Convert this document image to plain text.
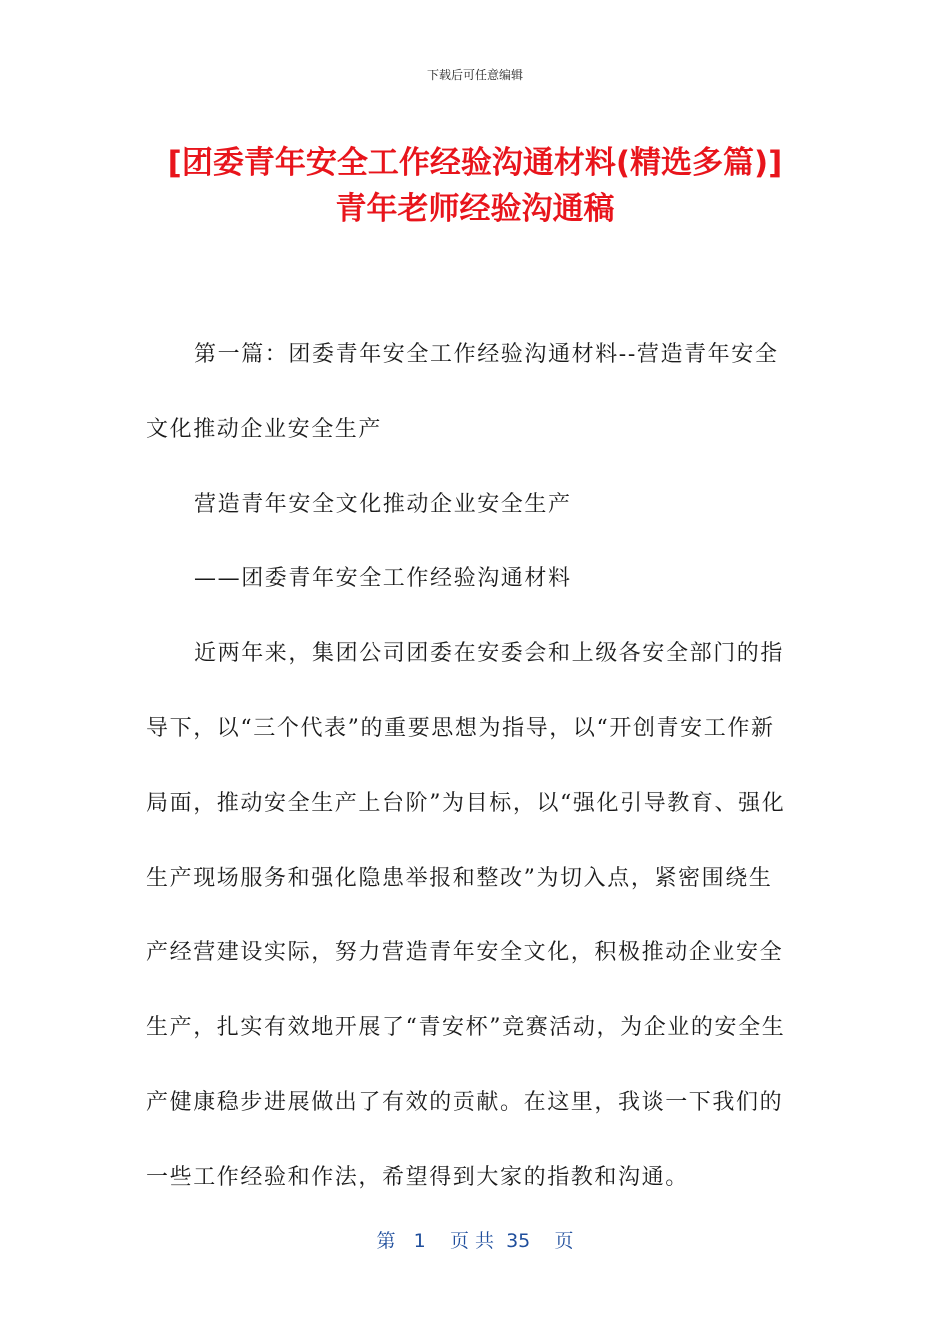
下载后可任意编辑
[团委青年安全工作经验沟通材料(精选多篇)]
青年老师经验沟通稿

第一篇：团委青年安全工作经验沟通材料--营造青年安全文化推动企业安全生产

营造青年安全文化推动企业安全生产

——团委青年安全工作经验沟通材料

近两年来，集团公司团委在安委会和上级各安全部门的指导下，以“三个代表”的重要思想为指导，以“开创青安工作新局面，推动安全生产上台阶”为目标，以“强化引导教育、强化生产现场服务和强化隐患举报和整改”为切入点，紧密围绕生产经营建设实际，努力营造青年安全文化，积极推动企业安全生产，扎实有效地开展了“青安杯”竞赛活动，为企业的安全生产健康稳步进展做出了有效的贡献。在这里，我谈一下我们的一些工作经验和作法，希望得到大家的指教和沟通。

第 1 页 共 35 页
